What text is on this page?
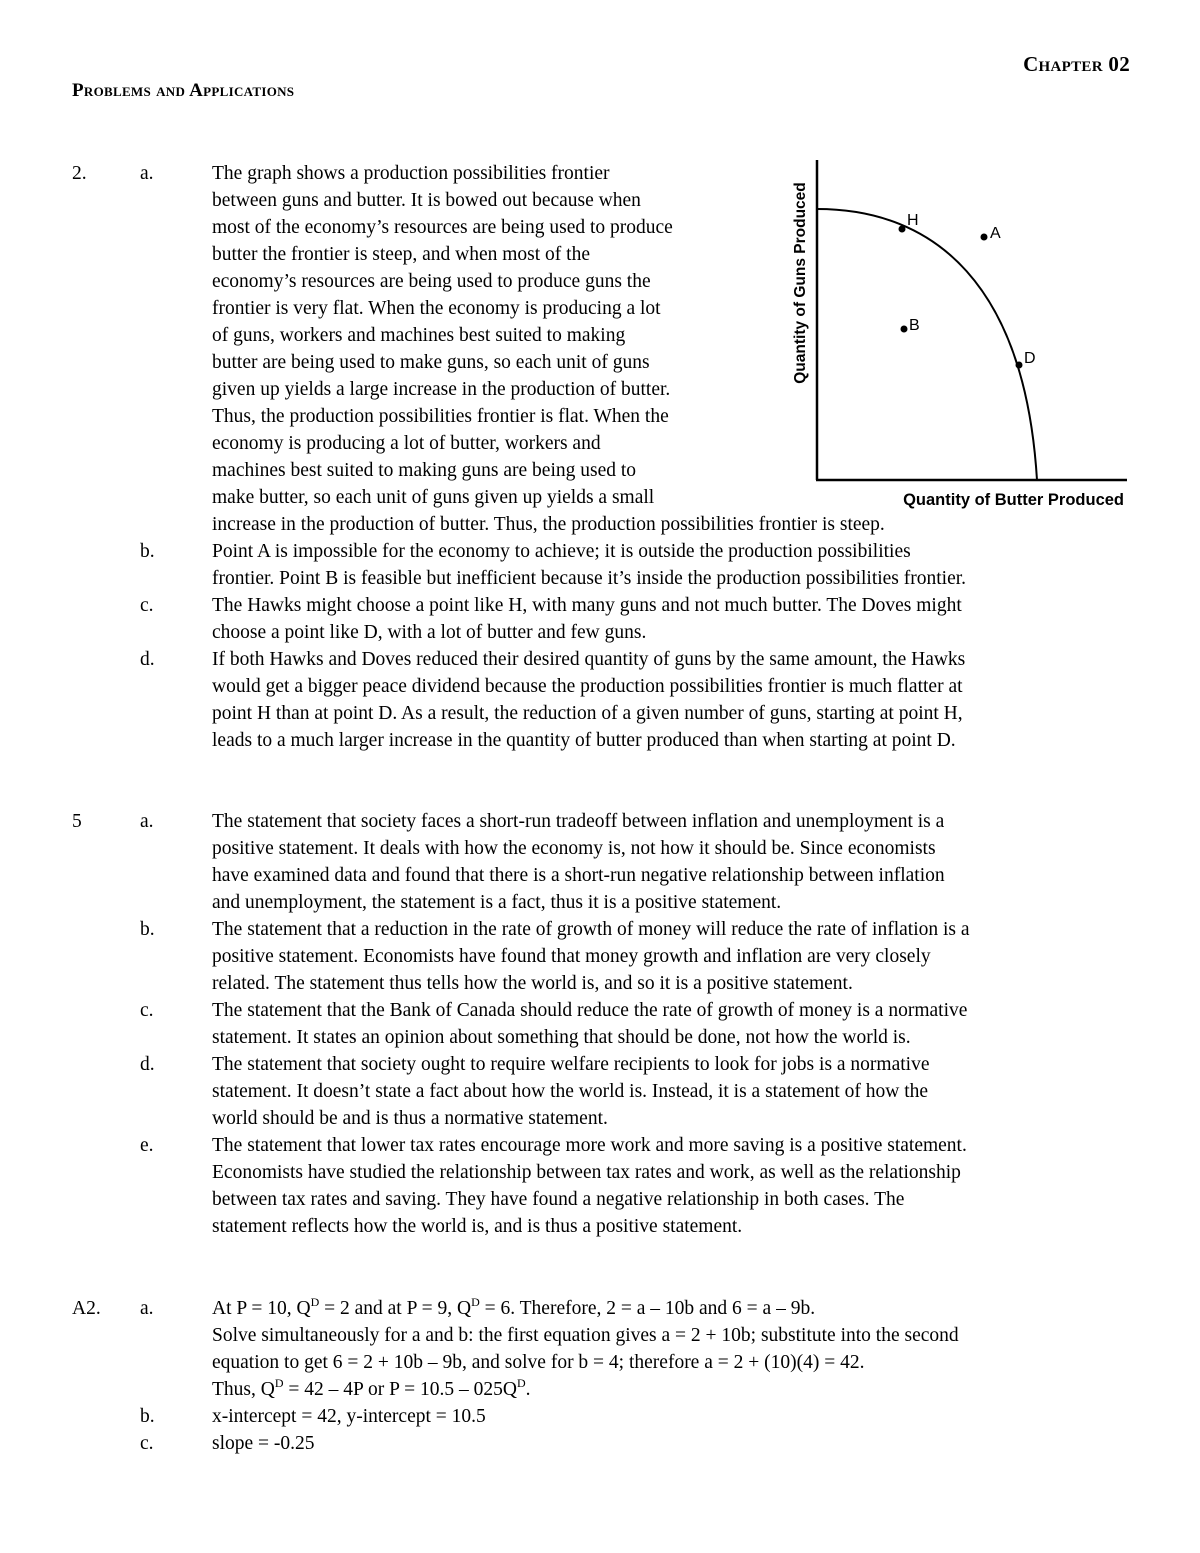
Chapter 02
Problems and Applications
2.	a.	The graph shows a production possibilities frontier
between guns and butter. It is bowed out because when
most of the economy’s resources are being used to produce
butter the frontier is steep, and when most of the
economy’s resources are being used to produce guns the
frontier is very flat. When the economy is producing a lot
of guns, workers and machines best suited to making
butter are being used to make guns, so each unit of guns
given up yields a large increase in the production of butter.
Thus, the production possibilities frontier is flat. When the
economy is producing a lot of butter, workers and
machines best suited to making guns are being used to
make butter, so each unit of guns given up yields a small
increase in the production of butter. Thus, the production possibilities frontier is steep.
b.	Point A is impossible for the economy to achieve; it is outside the production possibilities
frontier. Point B is feasible but inefficient because it’s inside the production possibilities frontier.
c.	The Hawks might choose a point like H, with many guns and not much butter. The Doves might
choose a point like D, with a lot of butter and few guns.
d.	If both Hawks and Doves reduced their desired quantity of guns by the same amount, the Hawks
would get a bigger peace dividend because the production possibilities frontier is much flatter at
point H than at point D. As a result, the reduction of a given number of guns, starting at point H,
leads to a much larger increase in the quantity of butter produced than when starting at point D.
H
A
B
D
Quantity of Guns Produced
Quantity of Butter Produced
5	a.	The statement that society faces a short-run tradeoff between inflation and unemployment is a
positive statement. It deals with how the economy is, not how it should be. Since economists
have examined data and found that there is a short-run negative relationship between inflation
and unemployment, the statement is a fact, thus it is a positive statement.
b.	The statement that a reduction in the rate of growth of money will reduce the rate of inflation is a
positive statement. Economists have found that money growth and inflation are very closely
related. The statement thus tells how the world is, and so it is a positive statement.
c.	The statement that the Bank of Canada should reduce the rate of growth of money is a normative
statement. It states an opinion about something that should be done, not how the world is.
d.	The statement that society ought to require welfare recipients to look for jobs is a normative
statement. It doesn’t state a fact about how the world is. Instead, it is a statement of how the
world should be and is thus a normative statement.
e.	The statement that lower tax rates encourage more work and more saving is a positive statement.
Economists have studied the relationship between tax rates and work, as well as the relationship
between tax rates and saving. They have found a negative relationship in both cases. The
statement reflects how the world is, and is thus a positive statement.
A2. a.	At P = 10, $Q^D = 2$ and at P = 9, $Q^D = 6$. Therefore, 2 = a – 10b and 6 = a – 9b.
Solve simultaneously for a and b: the first equation gives a = 2 + 10b; substitute into the second
equation to get 6 = 2 + 10b – 9b, and solve for b = 4; therefore a = 2 + (10)(4) = 42.
Thus, $Q^D = 42 - 4P$ or $P = 10.5 - 025Q^D$.
b.	x-intercept = 42, y-intercept = 10.5
c.	slope = -0.25
